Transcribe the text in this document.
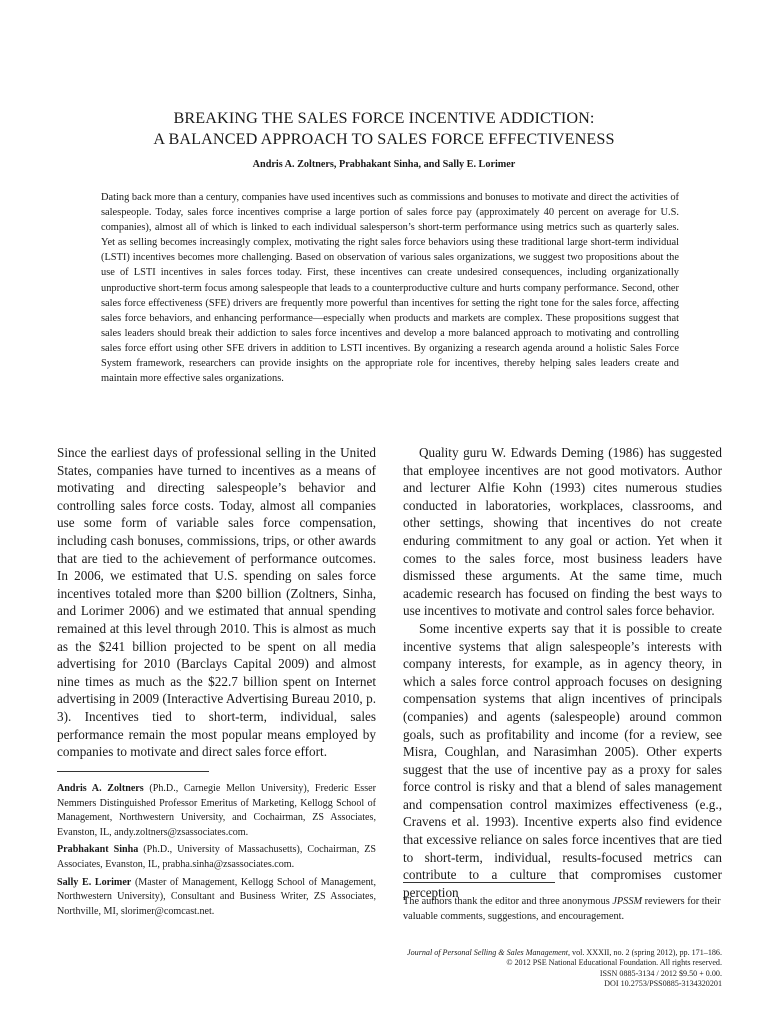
BREAKING THE SALES FORCE INCENTIVE ADDICTION:
A BALANCED APPROACH TO SALES FORCE EFFECTIVENESS
Andris A. Zoltners, Prabhakant Sinha, and Sally E. Lorimer
Dating back more than a century, companies have used incentives such as commissions and bonuses to motivate and direct the activities of salespeople. Today, sales force incentives comprise a large portion of sales force pay (approximately 40 percent on average for U.S. companies), almost all of which is linked to each individual salesperson’s short-term performance using metrics such as quarterly sales. Yet as selling becomes increasingly complex, motivating the right sales force behaviors using these traditional large short-term individual (LSTI) incentives becomes more challenging. Based on observation of various sales organizations, we suggest two propositions about the use of LSTI incentives in sales forces today. First, these incentives can create undesired consequences, including organizationally unproductive short-term focus among salespeople that leads to a counterproductive culture and hurts company performance. Second, other sales force effectiveness (SFE) drivers are frequently more powerful than incentives for setting the right tone for the sales force, affecting sales force behaviors, and enhancing performance—especially when products and markets are complex. These propositions suggest that sales leaders should break their addiction to sales force incentives and develop a more balanced approach to motivating and controlling sales force effort using other SFE drivers in addition to LSTI incentives. By organizing a research agenda around a holistic Sales Force System framework, researchers can provide insights on the appropriate role for incentives, thereby helping sales leaders create and maintain more effective sales organizations.

Since the earliest days of professional selling in the United States, companies have turned to incentives as a means of motivating and directing salespeople’s behavior and controlling sales force costs. Today, almost all companies use some form of variable sales force compensation, including cash bonuses, commissions, trips, or other awards that are tied to the achievement of performance outcomes. In 2006, we estimated that U.S. spending on sales force incentives totaled more than $200 billion (Zoltners, Sinha, and Lorimer 2006) and we estimated that annual spending remained at this level through 2010. This is almost as much as the $241 billion projected to be spent on all media advertising for 2010 (Barclays Capital 2009) and almost nine times as much as the $22.7 billion spent on Internet advertising in 2009 (Interactive Advertising Bureau 2010, p. 3). Incentives tied to short-term, individual, sales performance remain the most popular means employed by companies to motivate and direct sales force effort.

Quality guru W. Edwards Deming (1986) has suggested that employee incentives are not good motivators. Author and lecturer Alfie Kohn (1993) cites numerous studies conducted in laboratories, workplaces, classrooms, and other settings, showing that incentives do not create enduring commitment to any goal or action. Yet when it comes to the sales force, most business leaders have dismissed these arguments. At the same time, much academic research has focused on finding the best ways to use incentives to motivate and control sales force behavior.

Some incentive experts say that it is possible to create incentive systems that align salespeople’s interests with company interests, for example, as in agency theory, in which a sales force control approach focuses on designing compensation systems that align incentives of principals (companies) and agents (salespeople) around common goals, such as profitability and income (for a review, see Misra, Coughlan, and Narasimhan 2005). Other experts suggest that the use of incentive pay as a proxy for sales force control is risky and that a blend of sales management and compensation control maximizes effectiveness (e.g., Cravens et al. 1993). Incentive experts also find evidence that excessive reliance on sales force incentives that are tied to short-term, individual, results-focused metrics can contribute to a culture that compromises customer perception

Andris A. Zoltners (Ph.D., Carnegie Mellon University), Frederic Esser Nemmers Distinguished Professor Emeritus of Marketing, Kellogg School of Management, Northwestern University, and Cochairman, ZS Associates, Evanston, IL, andy.zoltners@zsassociates.com.

Prabhakant Sinha (Ph.D., University of Massachusetts), Cochairman, ZS Associates, Evanston, IL, prabha.sinha@zsassociates.com.

Sally E. Lorimer (Master of Management, Kellogg School of Management, Northwestern University), Consultant and Business Writer, ZS Associates, Northville, MI, slorimer@comcast.net.

The authors thank the editor and three anonymous JPSSM reviewers for their valuable comments, suggestions, and encouragement.
Journal of Personal Selling & Sales Management, vol. XXXII, no. 2 (spring 2012), pp. 171–186.
© 2012 PSE National Educational Foundation. All rights reserved.
ISSN 0885-3134 / 2012 $9.50 + 0.00.
DOI 10.2753/PSS0885-3134320201
